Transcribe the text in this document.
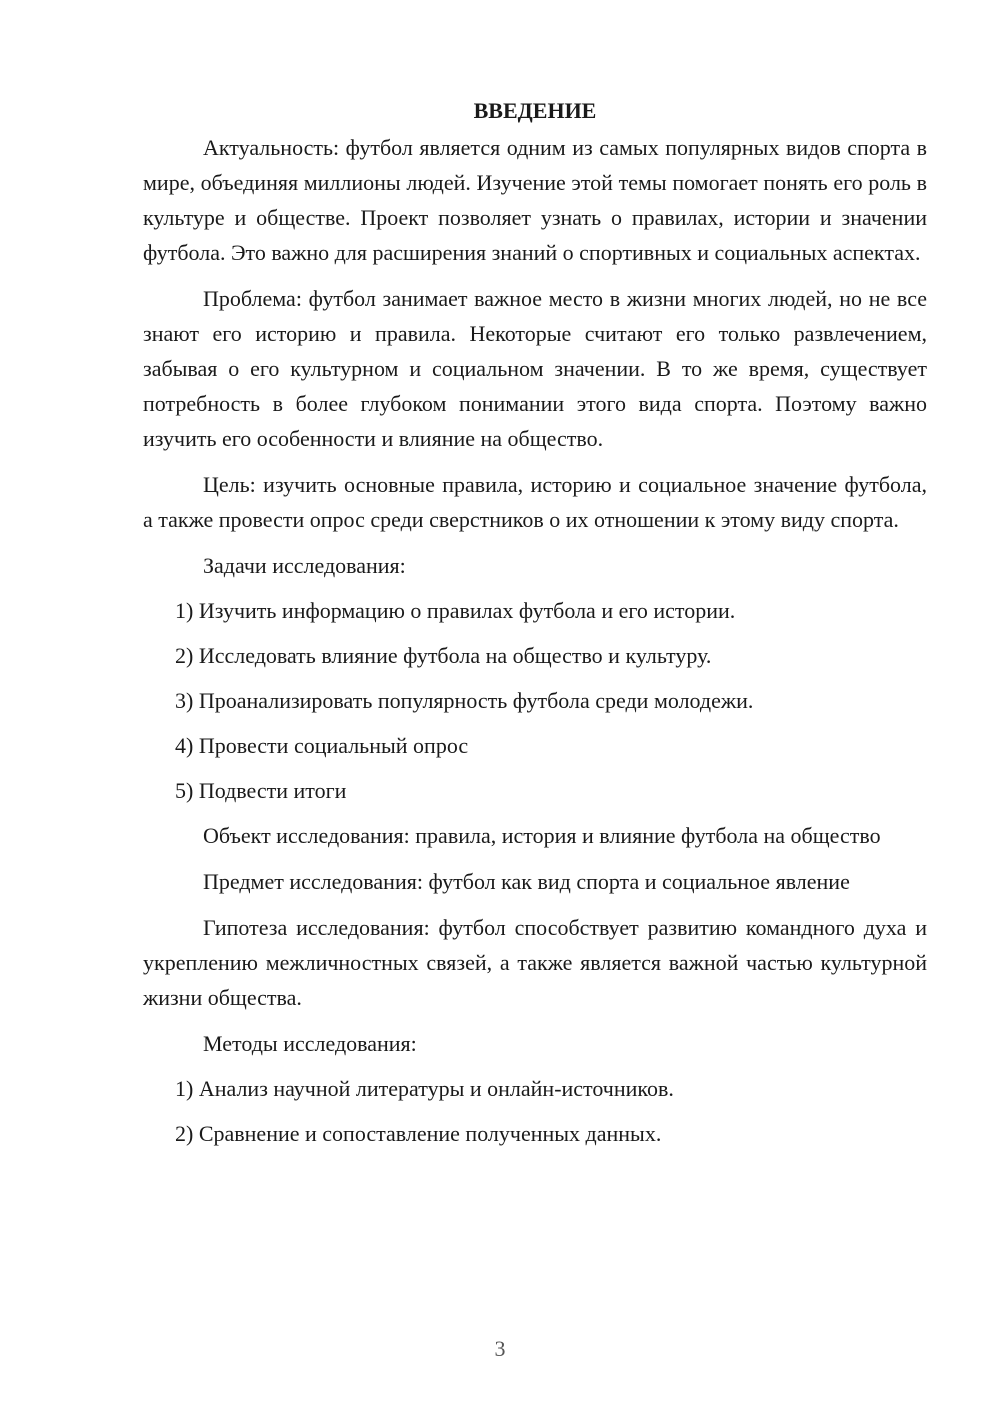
ВВЕДЕНИЕ

Актуальность: футбол является одним из самых популярных видов спорта в мире, объединяя миллионы людей. Изучение этой темы помогает понять его роль в культуре и обществе. Проект позволяет узнать о правилах, истории и значении футбола. Это важно для расширения знаний о спортивных и социальных аспектах.

Проблема: футбол занимает важное место в жизни многих людей, но не все знают его историю и правила. Некоторые считают его только развлечением, забывая о его культурном и социальном значении. В то же время, существует потребность в более глубоком понимании этого вида спорта. Поэтому важно изучить его особенности и влияние на общество.

Цель: изучить основные правила, историю и социальное значение футбола, а также провести опрос среди сверстников о их отношении к этому виду спорта.

Задачи исследования:

1) Изучить информацию о правилах футбола и его истории.
2) Исследовать влияние футбола на общество и культуру.
3) Проанализировать популярность футбола среди молодежи.
4) Провести социальный опрос
5) Подвести итоги

Объект исследования: правила, история и влияние футбола на общество

Предмет исследования: футбол как вид спорта и социальное явление

Гипотеза исследования: футбол способствует развитию командного духа и укреплению межличностных связей, а также является важной частью культурной жизни общества.

Методы исследования:

1) Анализ научной литературы и онлайн-источников.
2) Сравнение и сопоставление полученных данных.
3
